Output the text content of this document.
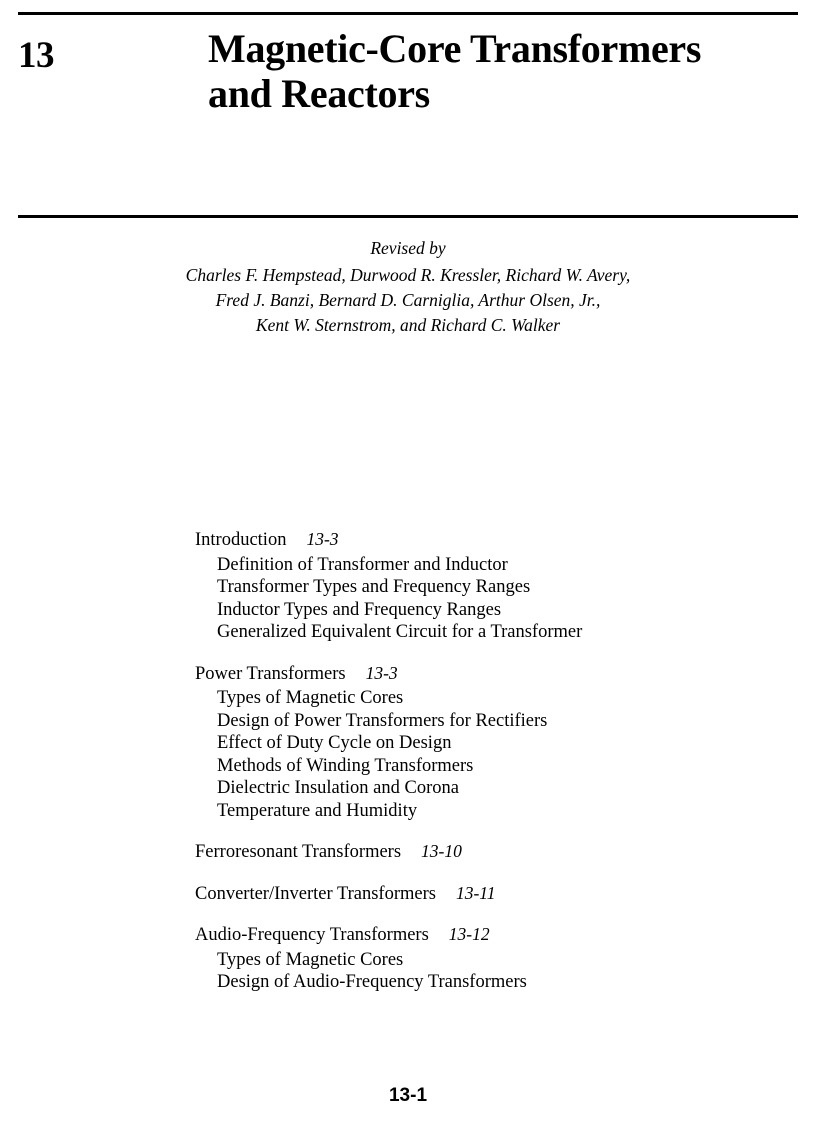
13	Magnetic-Core Transformers and Reactors
Revised by
Charles F. Hempstead, Durwood R. Kressler, Richard W. Avery,
Fred J. Banzi, Bernard D. Carniglia, Arthur Olsen, Jr.,
Kent W. Sternstrom, and Richard C. Walker
Introduction 13-3
Definition of Transformer and Inductor
Transformer Types and Frequency Ranges
Inductor Types and Frequency Ranges
Generalized Equivalent Circuit for a Transformer
Power Transformers 13-3
Types of Magnetic Cores
Design of Power Transformers for Rectifiers
Effect of Duty Cycle on Design
Methods of Winding Transformers
Dielectric Insulation and Corona
Temperature and Humidity
Ferroresonant Transformers 13-10
Converter/Inverter Transformers 13-11
Audio-Frequency Transformers 13-12
Types of Magnetic Cores
Design of Audio-Frequency Transformers
13-1
